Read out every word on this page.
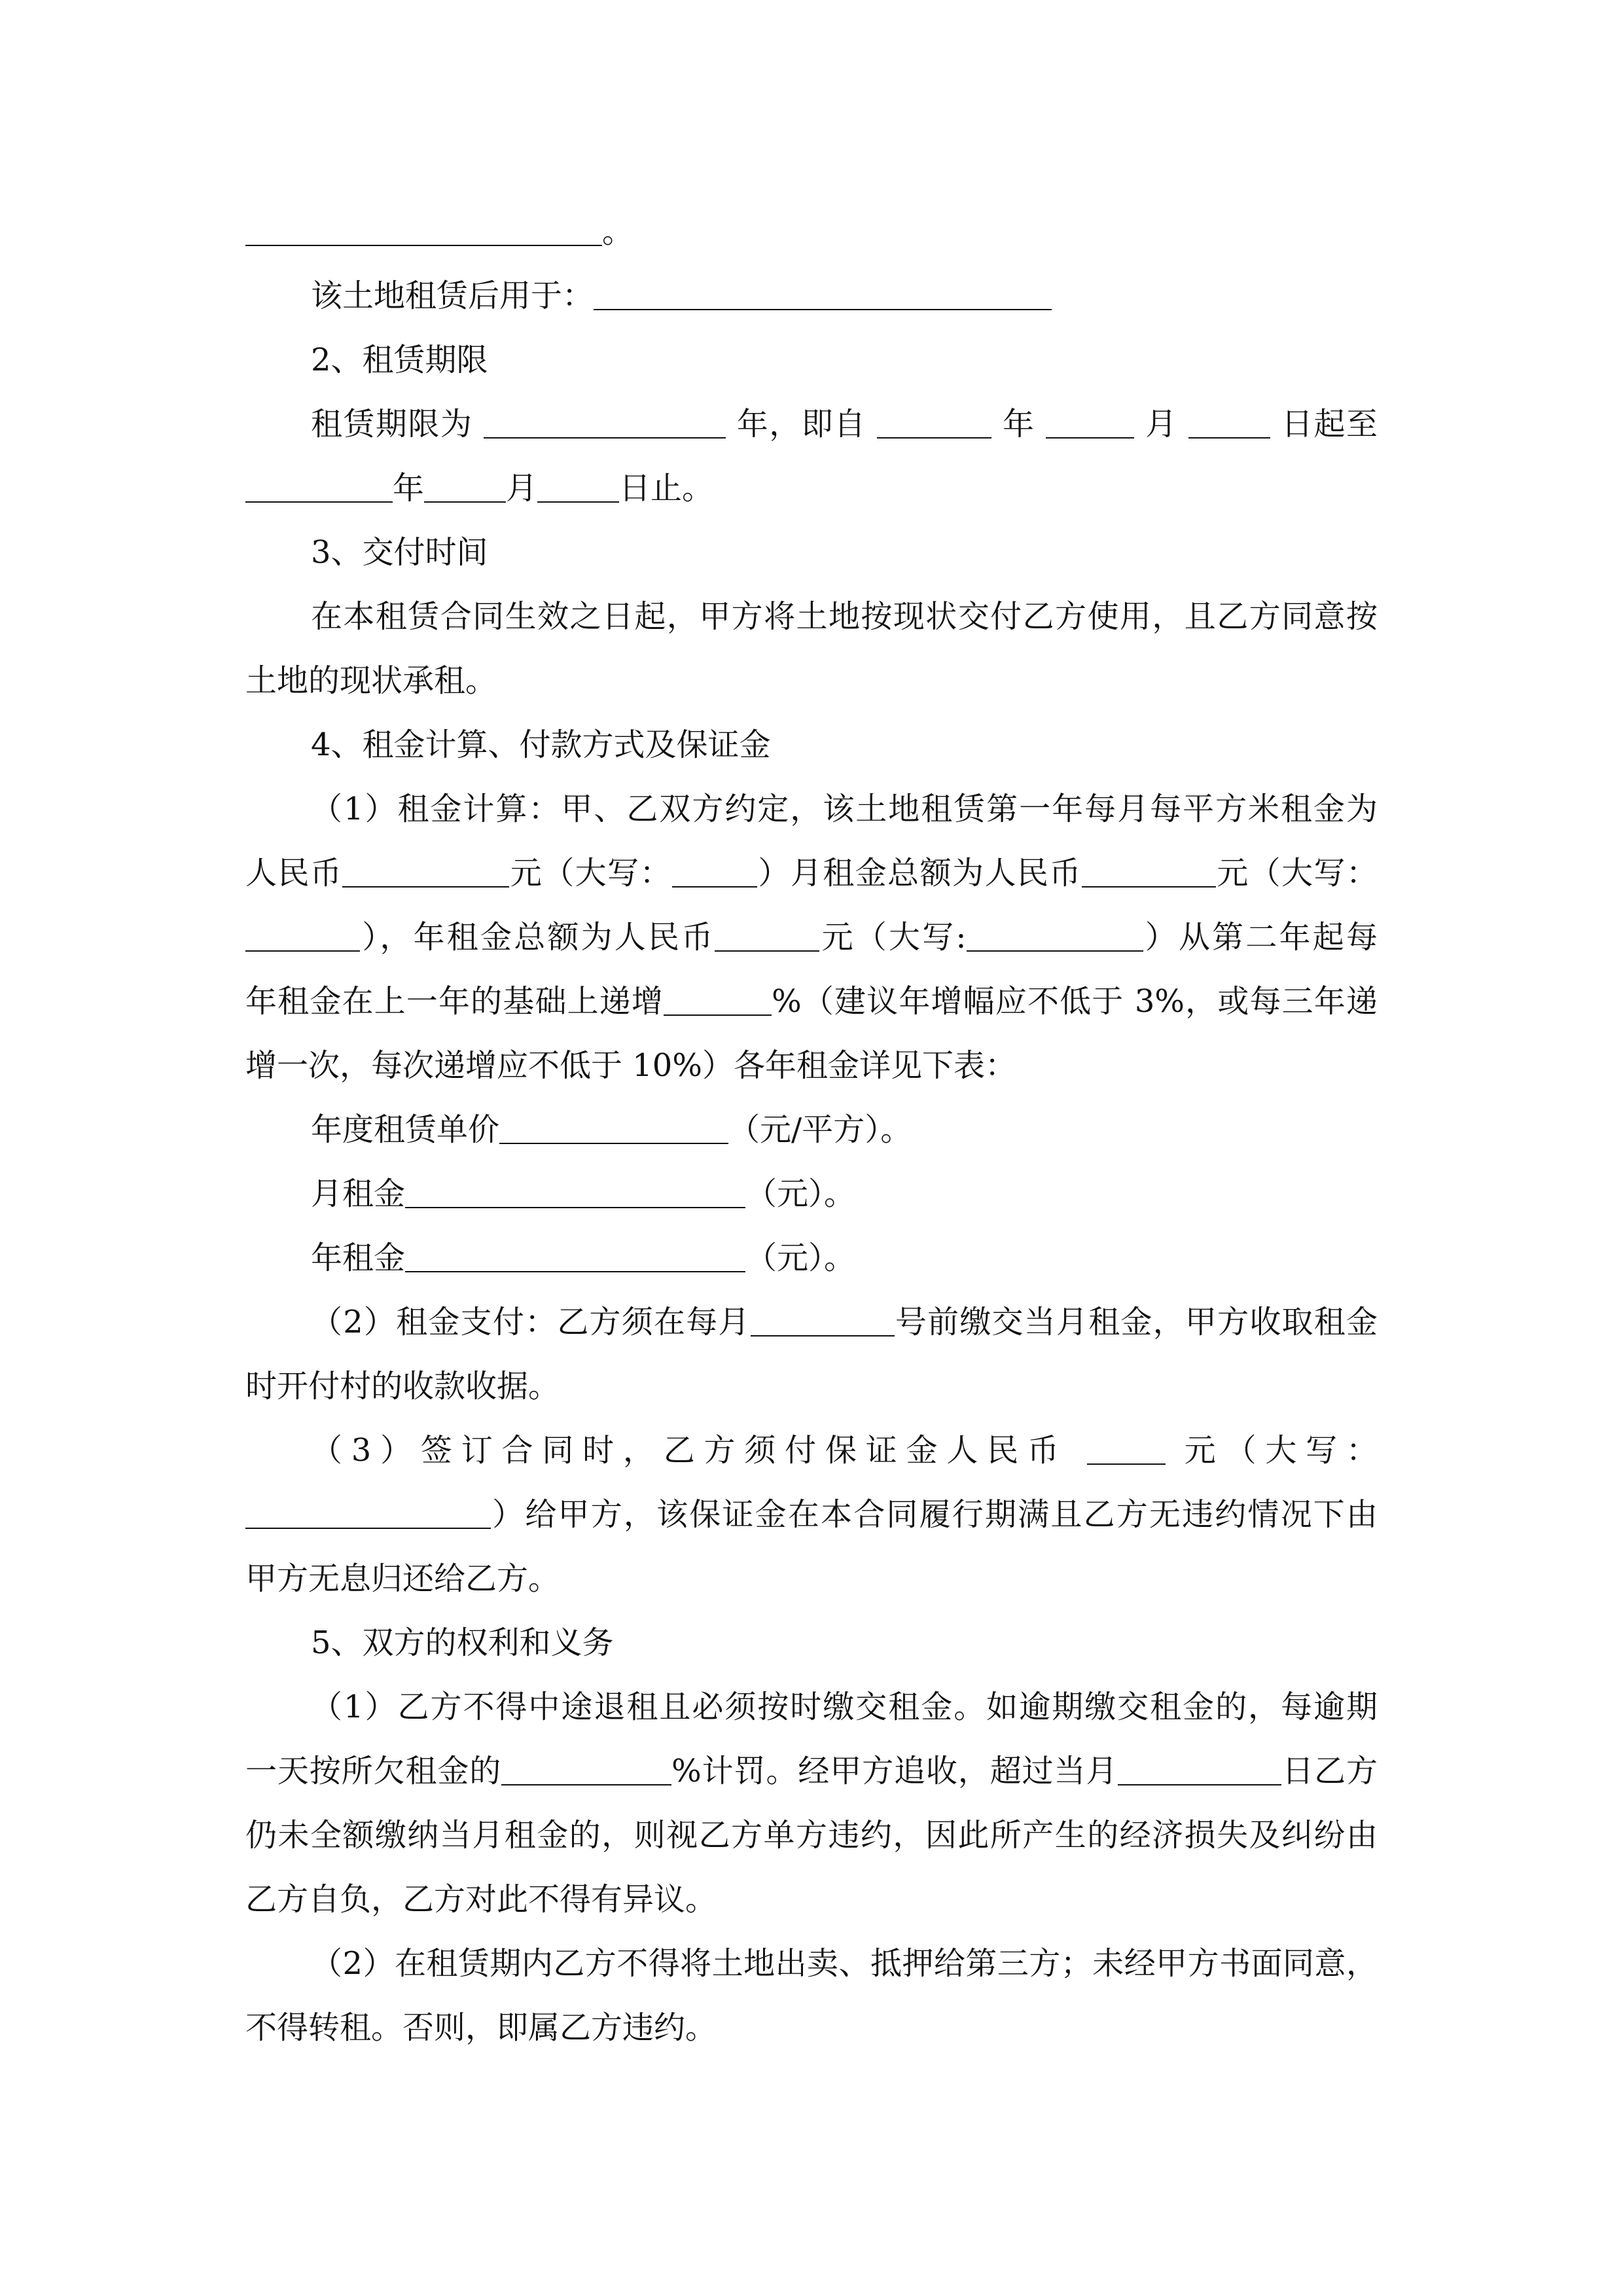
。
该土地租赁后用于：
2、租赁期限
租赁期限为	年，即自	年	月	日起至
年	月	日止。
3、交付时间
在本租赁合同生效之日起，甲方将土地按现状交付乙方使用，且乙方同意按
土地的现状承租。
4、租金计算、付款方式及保证金
（1）租金计算：甲、乙双方约定，该土地租赁第一年每月每平方米租金为
人民币	元（大写：	）月租金总额为人民币	元（大写：
），年租金总额为人民币	元（大写:	）从第二年起每
年租金在上一年的基础上递增	%（建议年增幅应不低于 3%，或每三年递
增一次，每次递增应不低于 10%）各年租金详见下表：
年度租赁单价	（元/平方）。
月租金	（元）。
年租金	（元）。
（2）租金支付：乙方须在每月	号前缴交当月租金，甲方收取租金
时开付村的收款收据。
（3）签订合同时，乙方须付保证金人民币	元（大写：
）给甲方，该保证金在本合同履行期满且乙方无违约情况下由
甲方无息归还给乙方。
5、双方的权利和义务
（1）乙方不得中途退租且必须按时缴交租金。如逾期缴交租金的，每逾期
一天按所欠租金的	%计罚。经甲方追收，超过当月	日乙方
仍未全额缴纳当月租金的，则视乙方单方违约，因此所产生的经济损失及纠纷由
乙方自负，乙方对此不得有异议。
（2）在租赁期内乙方不得将土地出卖、抵押给第三方；未经甲方书面同意，
不得转租。否则，即属乙方违约。
